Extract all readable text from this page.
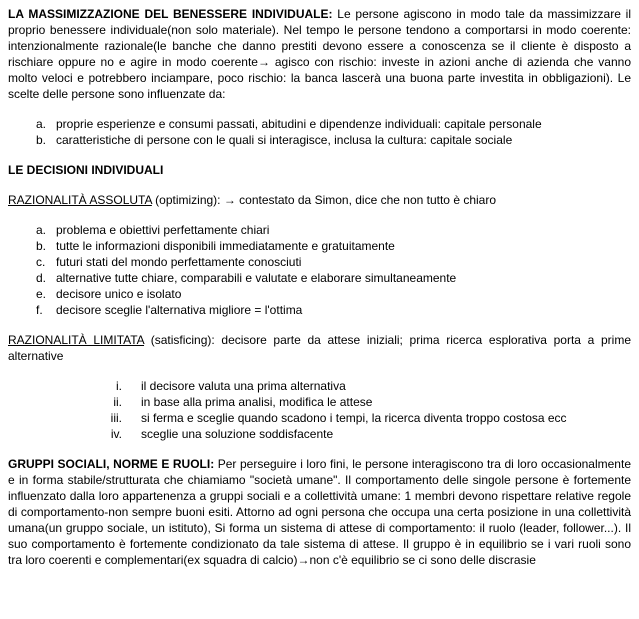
LA MASSIMIZZAZIONE DEL BENESSERE INDIVIDUALE: Le persone agiscono in modo tale da massimizzare il proprio benessere individuale(non solo materiale). Nel tempo le persone tendono a comportarsi in modo coerente: intenzionalmente razionale(le banche che danno prestiti devono essere a conoscenza se il cliente è disposto a rischiare oppure no e agire in modo coerente→ agisco con rischio: investe in azioni anche di azienda che vanno molto veloci e potrebbero inciampare, poco rischio: la banca lascerà una buona parte investita in obbligazioni). Le scelte delle persone sono influenzate da:

a. proprie esperienze e consumi passati, abitudini e dipendenze individuali: capitale personale
b. caratteristiche di persone con le quali si interagisce, inclusa la cultura: capitale sociale

LE DECISIONI INDIVIDUALI

RAZIONALITÀ ASSOLUTA (optimizing): → contestato da Simon, dice che non tutto è chiaro

a. problema e obiettivi perfettamente chiari
b. tutte le informazioni disponibili immediatamente e gratuitamente
c. futuri stati del mondo perfettamente conosciuti
d. alternative tutte chiare, comparabili e valutate e elaborare simultaneamente
e. decisore unico e isolato
f.	decisore sceglie l'alternativa migliore = l'ottima

RAZIONALITÀ LIMITATA (satisficing): decisore parte da attese iniziali; prima ricerca esplorativa porta a prime alternative

i. il decisore valuta una prima alternativa
ii. in base alla prima analisi, modifica le attese
iii. si ferma e sceglie quando scadono i tempi, la ricerca diventa troppo costosa ecc
iv. sceglie una soluzione soddisfacente

GRUPPI SOCIALI, NORME E RUOLI: Per perseguire i loro fini, le persone interagiscono tra di loro occasionalmente e in forma stabile/strutturata che chiamiamo "società umane". Il comportamento delle singole persone è fortemente influenzato dalla loro appartenenza a gruppi sociali e a collettività umane: 1 membri devono rispettare relative regole di comportamento-non sempre buoni esiti. Attorno ad ogni persona che occupa una certa posizione in una collettività umana(un gruppo sociale, un istituto), Si forma un sistema di attese di comportamento: il ruolo (leader, follower...). Il suo comportamento è fortemente condizionato da tale sistema di attese. Il gruppo è in equilibrio se i vari ruoli sono tra loro coerenti e complementari(ex squadra di calcio)→non c'è equilibrio se ci sono delle discrasie
